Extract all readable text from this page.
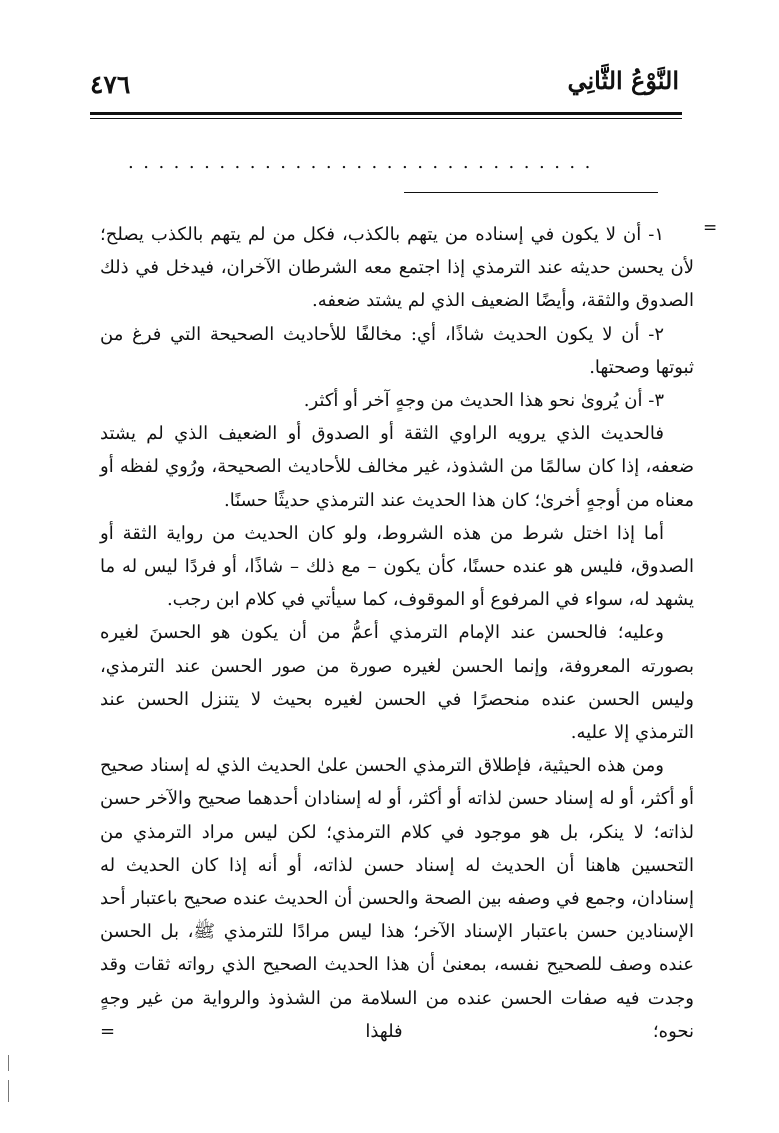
٤٧٦	النَّوْعُ الثَّانِي
...............................
=

١- أن لا يكون في إسناده من يتهم بالكذب، فكل من لم يتهم بالكذب يصلح؛ لأن يحسن حديثه عند الترمذي إذا اجتمع معه الشرطان الآخران، فيدخل في ذلك الصدوق والثقة، وأيضًا الضعيف الذي لم يشتد ضعفه.

٢- أن لا يكون الحديث شاذًا، أي: مخالفًا للأحاديث الصحيحة التي فرغ من ثبوتها وصحتها.

٣- أن يُروىٰ نحو هذا الحديث من وجهٍ آخر أو أكثر.

فالحديث الذي يرويه الراوي الثقة أو الصدوق أو الضعيف الذي لم يشتد ضعفه، إذا كان سالمًا من الشذوذ، غير مخالف للأحاديث الصحيحة، ورُوي لفظه أو معناه من أوجهٍ أخرىٰ؛ كان هذا الحديث عند الترمذي حديثًا حسنًا.

أما إذا اختل شرط من هذه الشروط، ولو كان الحديث من رواية الثقة أو الصدوق، فليس هو عنده حسنًا، كأن يكون – مع ذلك – شاذًا، أو فردًا ليس له ما يشهد له، سواء في المرفوع أو الموقوف، كما سيأتي في كلام ابن رجب.

وعليه؛ فالحسن عند الإمام الترمذي أعمُّ من أن يكون هو الحسنَ لغيره بصورته المعروفة، وإنما الحسن لغيره صورة من صور الحسن عند الترمذي، وليس الحسن عنده منحصرًا في الحسن لغيره بحيث لا يتنزل الحسن عند الترمذي إلا عليه.

ومن هذه الحيثية، فإطلاق الترمذي الحسن علىٰ الحديث الذي له إسناد صحيح أو أكثر، أو له إسناد حسن لذاته أو أكثر، أو له إسنادان أحدهما صحيح والآخر حسن لذاته؛ لا ينكر، بل هو موجود في كلام الترمذي؛ لكن ليس مراد الترمذي من التحسين هاهنا أن الحديث له إسناد حسن لذاته، أو أنه إذا كان الحديث له إسنادان، وجمع في وصفه بين الصحة والحسن أن الحديث عنده صحيح باعتبار أحد الإسنادين حسن باعتبار الإسناد الآخر؛ هذا ليس مرادًا للترمذي ﷺ، بل الحسن عنده وصف للصحيح نفسه، بمعنىٰ أن هذا الحديث الصحيح الذي رواته ثقات وقد وجدت فيه صفات الحسن عنده من السلامة من الشذوذ والرواية من غير وجهٍ نحوه؛ فلهذا =
